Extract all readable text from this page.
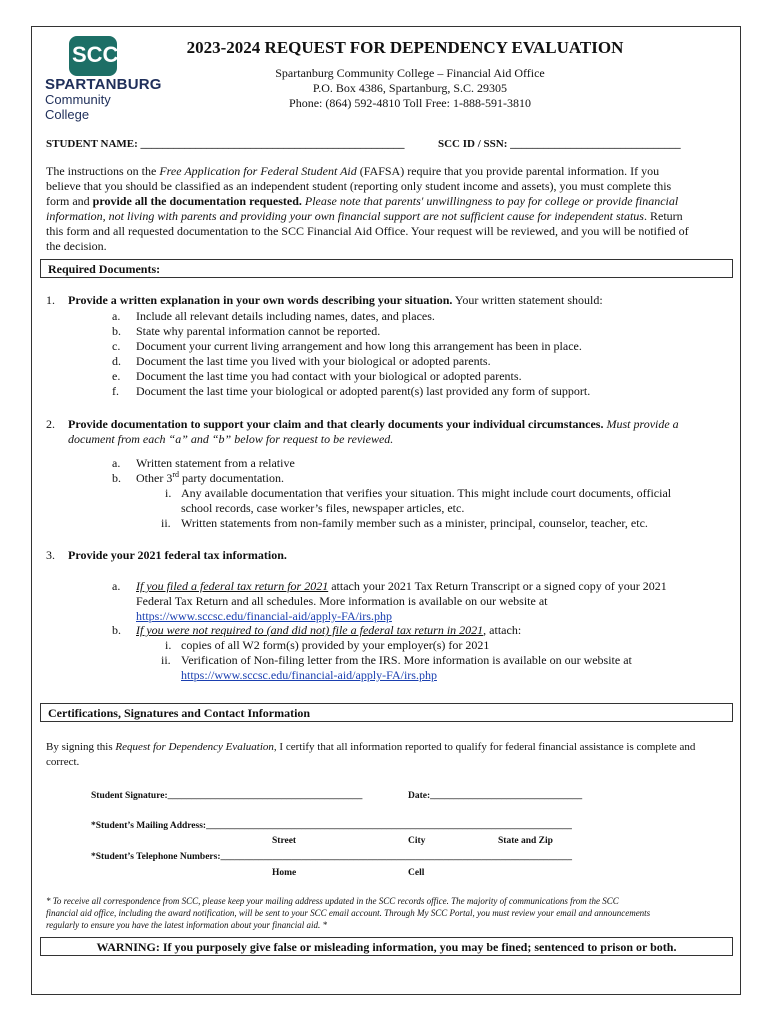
SCC
SPARTANBURG
Community College
2023-2024 REQUEST FOR DEPENDENCY EVALUATION
Spartanburg Community College – Financial Aid Office
P.O. Box 4386, Spartanburg, S.C. 29305
Phone: (864) 592-4810 Toll Free: 1-888-591-3810
STUDENT NAME: ________________________________________________	SCC ID / SSN: _______________________________
The instructions on the Free Application for Federal Student Aid (FAFSA) require that you provide parental information. If you
believe that you should be classified as an independent student (reporting only student income and assets), you must complete this
form and provide all the documentation requested. Please note that parents' unwillingness to pay for college or provide financial
information, not living with parents and providing your own financial support are not sufficient cause for independent status. Return
this form and all requested documentation to the SCC Financial Aid Office. Your request will be reviewed, and you will be notified of
the decision.
Required Documents:
1. Provide a written explanation in your own words describing your situation. Your written statement should:
a.
b.
c.
d.
e.
f.
Include all relevant details including names, dates, and places.
State why parental information cannot be reported.
Document your current living arrangement and how long this arrangement has been in place.
Document the last time you lived with your biological or adopted parents.
Document the last time you had contact with your biological or adopted parents.
Document the last time your biological or adopted parent(s) last provided any form of support.
2. Provide documentation to support your claim and that clearly documents your individual circumstances. Must provide a
document from each “a” and “b” below for request to be reviewed.
a. Written statement from a relative
b. Other 3rd party documentation.
i. Any available documentation that verifies your situation. This might include court documents, official
school records, case worker’s files, newspaper articles, etc.
ii. Written statements from non-family member such as a minister, principal, counselor, teacher, etc.
3. Provide your 2021 federal tax information.
a. If you filed a federal tax return for 2021 attach your 2021 Tax Return Transcript or a signed copy of your 2021
Federal Tax Return and all schedules. More information is available on our website at
https://www.sccsc.edu/financial-aid/apply-FA/irs.php
b. If you were not required to (and did not) file a federal tax return in 2021, attach:
i. copies of all W2 form(s) provided by your employer(s) for 2021
ii. Verification of Non-filing letter from the IRS. More information is available on our website at
https://www.sccsc.edu/financial-aid/apply-FA/irs.php
Certifications, Signatures and Contact Information
By signing this Request for Dependency Evaluation, I certify that all information reported to qualify for federal financial assistance is complete and
correct.
Student Signature:_________________________________________	Date:________________________________
*Student’s Mailing Address:_____________________________________________________________________________
Street	City	State and Zip
*Student’s Telephone Numbers:__________________________________________________________________________
Home	Cell
* To receive all correspondence from SCC, please keep your mailing address updated in the SCC records office. The majority of communications from the SCC
financial aid office, including the award notification, will be sent to your SCC email account. Through My SCC Portal, you must review your email and announcements
regularly to ensure you have the latest information about your financial aid. *
WARNING: If you purposely give false or misleading information, you may be fined; sentenced to prison or both.
